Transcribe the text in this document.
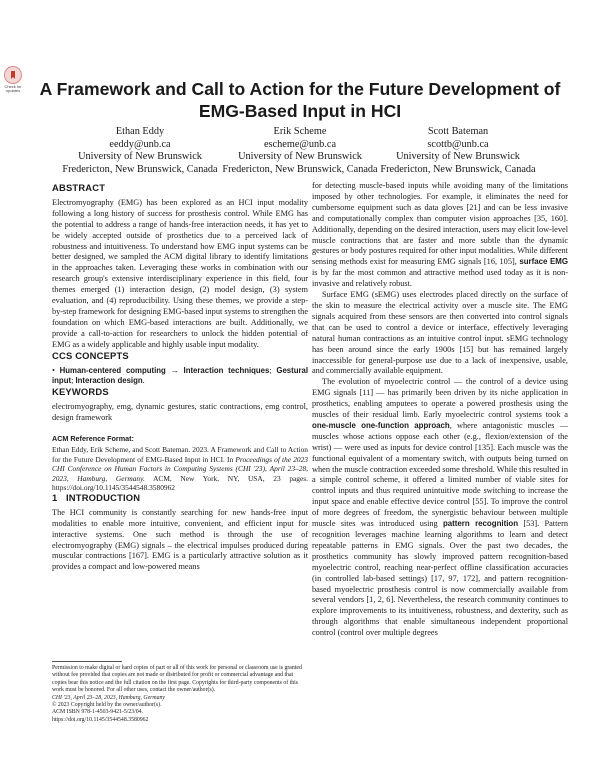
Check for updates	A Framework and Call to Action for the Future Development of EMG-Based Input in HCI
Ethan Eddy
eeddy@unb.ca
University of New Brunswick
Fredericton, New Brunswick, Canada
Erik Scheme
escheme@unb.ca
University of New Brunswick
Fredericton, New Brunswick, Canada
Scott Bateman
scottb@unb.ca
University of New Brunswick
Fredericton, New Brunswick, Canada
ABSTRACT

Electromyography (EMG) has been explored as an HCI input modality following a long history of success for prosthesis control. While EMG has the potential to address a range of hands-free interaction needs, it has yet to be widely accepted outside of prosthetics due to a perceived lack of robustness and intuitiveness. To understand how EMG input systems can be better designed, we sampled the ACM digital library to identify limitations in the approaches taken. Leveraging these works in combination with our research group's extensive interdisciplinary experience in this field, four themes emerged (1) interaction design, (2) model design, (3) system evaluation, and (4) reproducibility. Using these themes, we provide a step-by-step framework for designing EMG-based input systems to strengthen the foundation on which EMG-based interactions are built. Additionally, we provide a call-to-action for researchers to unlock the hidden potential of EMG as a widely applicable and highly usable input modality.

CCS CONCEPTS

• Human-centered computing → Interaction techniques; Gestural input; Interaction design.

KEYWORDS

electromyography, emg, dynamic gestures, static contractions, emg control, design framework

ACM Reference Format:

Ethan Eddy, Erik Scheme, and Scott Bateman. 2023. A Framework and Call to Action for the Future Development of EMG-Based Input in HCI. In Proceedings of the 2023 CHI Conference on Human Factors in Computing Systems (CHI '23), April 23–28, 2023, Hamburg, Germany. ACM, New York, NY, USA, 23 pages. https://doi.org/10.1145/3544548.3580962

1 INTRODUCTION

The HCI community is constantly searching for new hands-free input modalities to enable more intuitive, convenient, and efficient input for interactive systems. One such method is through the use of electromyography (EMG) signals – the electrical impulses produced during muscular contractions [167]. EMG is a particularly attractive solution as it provides a compact and low-powered means

Permission to make digital or hard copies of part or all of this work for personal or classroom use is granted without fee provided that copies are not made or distributed for profit or commercial advantage and that copies bear this notice and the full citation on the first page. Copyrights for third-party components of this work must be honored. For all other uses, contact the owner/author(s).
CHI '23, April 23–28, 2023, Hamburg, Germany
© 2023 Copyright held by the owner/author(s).
ACM ISBN 978-1-4503-9421-5/23/04.
https://doi.org/10.1145/3544548.3580962

for detecting muscle-based inputs while avoiding many of the limitations imposed by other technologies. For example, it eliminates the need for cumbersome equipment such as data gloves [21] and can be less invasive and computationally complex than computer vision approaches [35, 160]. Additionally, depending on the desired interaction, users may elicit low-level muscle contractions that are faster and more subtle than the dynamic gestures or body postures required for other input modalities. While different sensing methods exist for measuring EMG signals [16, 105], surface EMG is by far the most common and attractive method used today as it is non-invasive and relatively robust.

Surface EMG (sEMG) uses electrodes placed directly on the surface of the skin to measure the electrical activity over a muscle site. The EMG signals acquired from these sensors are then converted into control signals that can be used to control a device or interface, effectively leveraging natural human contractions as an intuitive control input. sEMG technology has been around since the early 1900s [15] but has remained largely inaccessible for general-purpose use due to a lack of inexpensive, usable, and commercially available equipment.

The evolution of myoelectric control — the control of a device using EMG signals [11] — has primarily been driven by its niche application in prosthetics, enabling amputees to operate a powered prosthesis using the muscles of their residual limb. Early myoelectric control systems took a one-muscle one-function approach, where antagonistic muscles — muscles whose actions oppose each other (e.g., flexion/extension of the wrist) — were used as inputs for device control [135]. Each muscle was the functional equivalent of a momentary switch, with outputs being turned on when the muscle contraction exceeded some threshold. While this resulted in a simple control scheme, it offered a limited number of viable sites for control inputs and thus required unintuitive mode switching to increase the input space and enable effective device control [55]. To improve the control of more degrees of freedom, the synergistic behaviour between multiple muscle sites was introduced using pattern recognition [53]. Pattern recognition leverages machine learning algorithms to learn and detect repeatable patterns in EMG signals. Over the past two decades, the prosthetics community has slowly improved pattern recognition-based myoelectric control, reaching near-perfect offline classification accuracies (in controlled lab-based settings) [17, 97, 172], and pattern recognition-based myoelectric prosthesis control is now commercially available from several vendors [1, 2, 6]. Nevertheless, the research community continues to explore improvements to its intuitiveness, robustness, and dexterity, such as through algorithms that enable simultaneous independent proportional control (control over multiple degrees
